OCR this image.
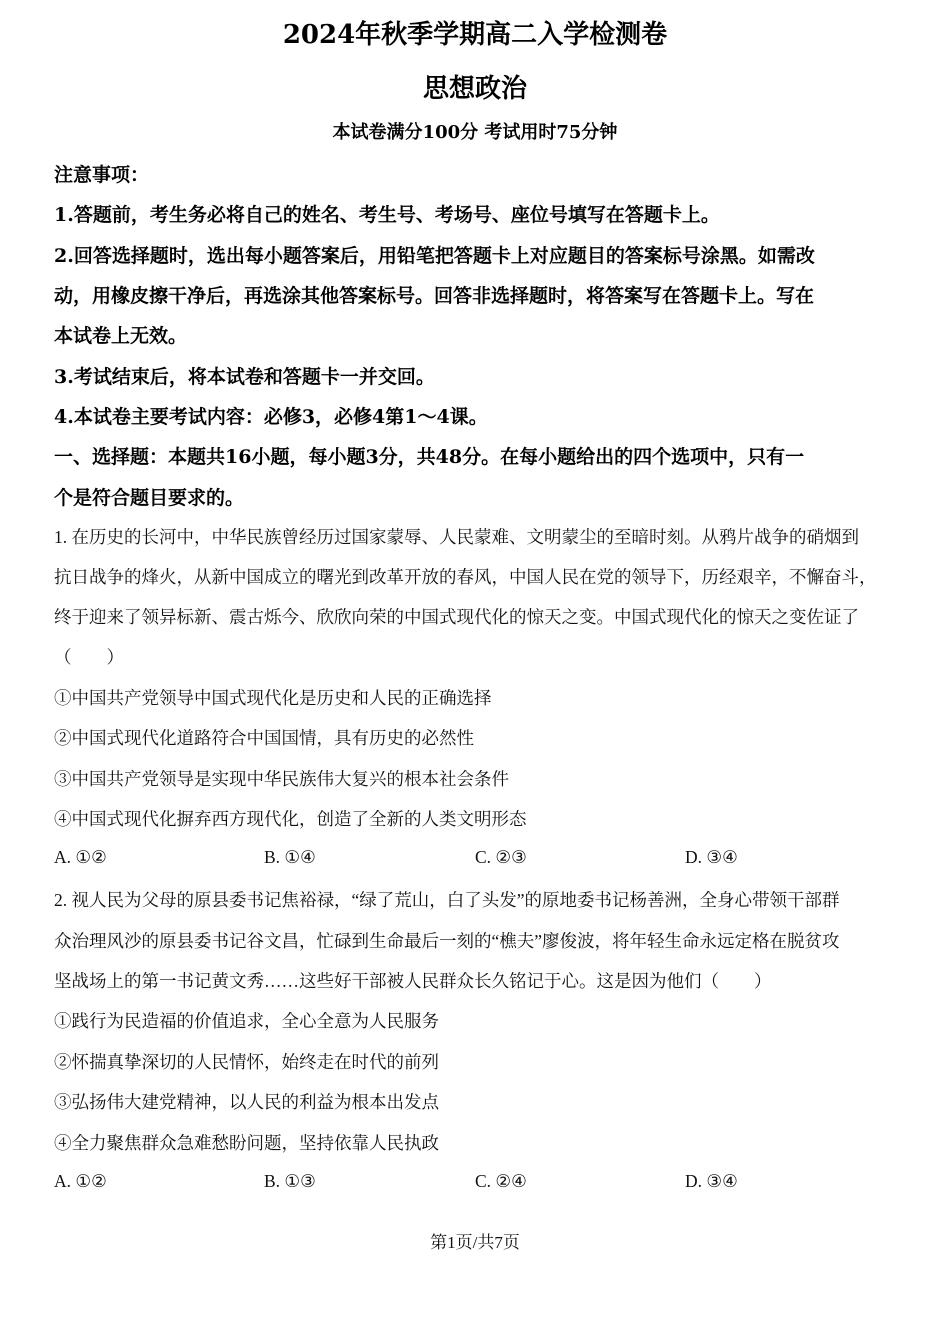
2024年秋季学期高二入学检测卷
思想政治
本试卷满分100分 考试用时75分钟
注意事项：
1.答题前，考生务必将自己的姓名、考生号、考场号、座位号填写在答题卡上。
2.回答选择题时，选出每小题答案后，用铅笔把答题卡上对应题目的答案标号涂黑。如需改
动，用橡皮擦干净后，再选涂其他答案标号。回答非选择题时，将答案写在答题卡上。写在
本试卷上无效。
3.考试结束后，将本试卷和答题卡一并交回。
4.本试卷主要考试内容：必修3，必修4第1～4课。
一、选择题：本题共16小题，每小题3分，共48分。在每小题给出的四个选项中，只有一
个是符合题目要求的。
1. 在历史的长河中，中华民族曾经历过国家蒙辱、人民蒙难、文明蒙尘的至暗时刻。从鸦片战争的硝烟到
抗日战争的烽火，从新中国成立的曙光到改革开放的春风，中国人民在党的领导下，历经艰辛，不懈奋斗，
终于迎来了领异标新、震古烁今、欣欣向荣的中国式现代化的惊天之变。中国式现代化的惊天之变佐证了
（　　）
①中国共产党领导中国式现代化是历史和人民的正确选择
②中国式现代化道路符合中国国情，具有历史的必然性
③中国共产党领导是实现中华民族伟大复兴的根本社会条件
④中国式现代化摒弃西方现代化，创造了全新的人类文明形态
A. ①②	B. ①④	C. ②③	D. ③④
2. 视人民为父母的原县委书记焦裕禄，“绿了荒山，白了头发”的原地委书记杨善洲，全身心带领干部群
众治理风沙的原县委书记谷文昌，忙碌到生命最后一刻的“樵夫”廖俊波，将年轻生命永远定格在脱贫攻
坚战场上的第一书记黄文秀……这些好干部被人民群众长久铭记于心。这是因为他们（　　）
①践行为民造福的价值追求，全心全意为人民服务
②怀揣真挚深切的人民情怀，始终走在时代的前列
③弘扬伟大建党精神，以人民的利益为根本出发点
④全力聚焦群众急难愁盼问题，坚持依靠人民执政
A. ①②	B. ①③	C. ②④	D. ③④
第1页/共7页
